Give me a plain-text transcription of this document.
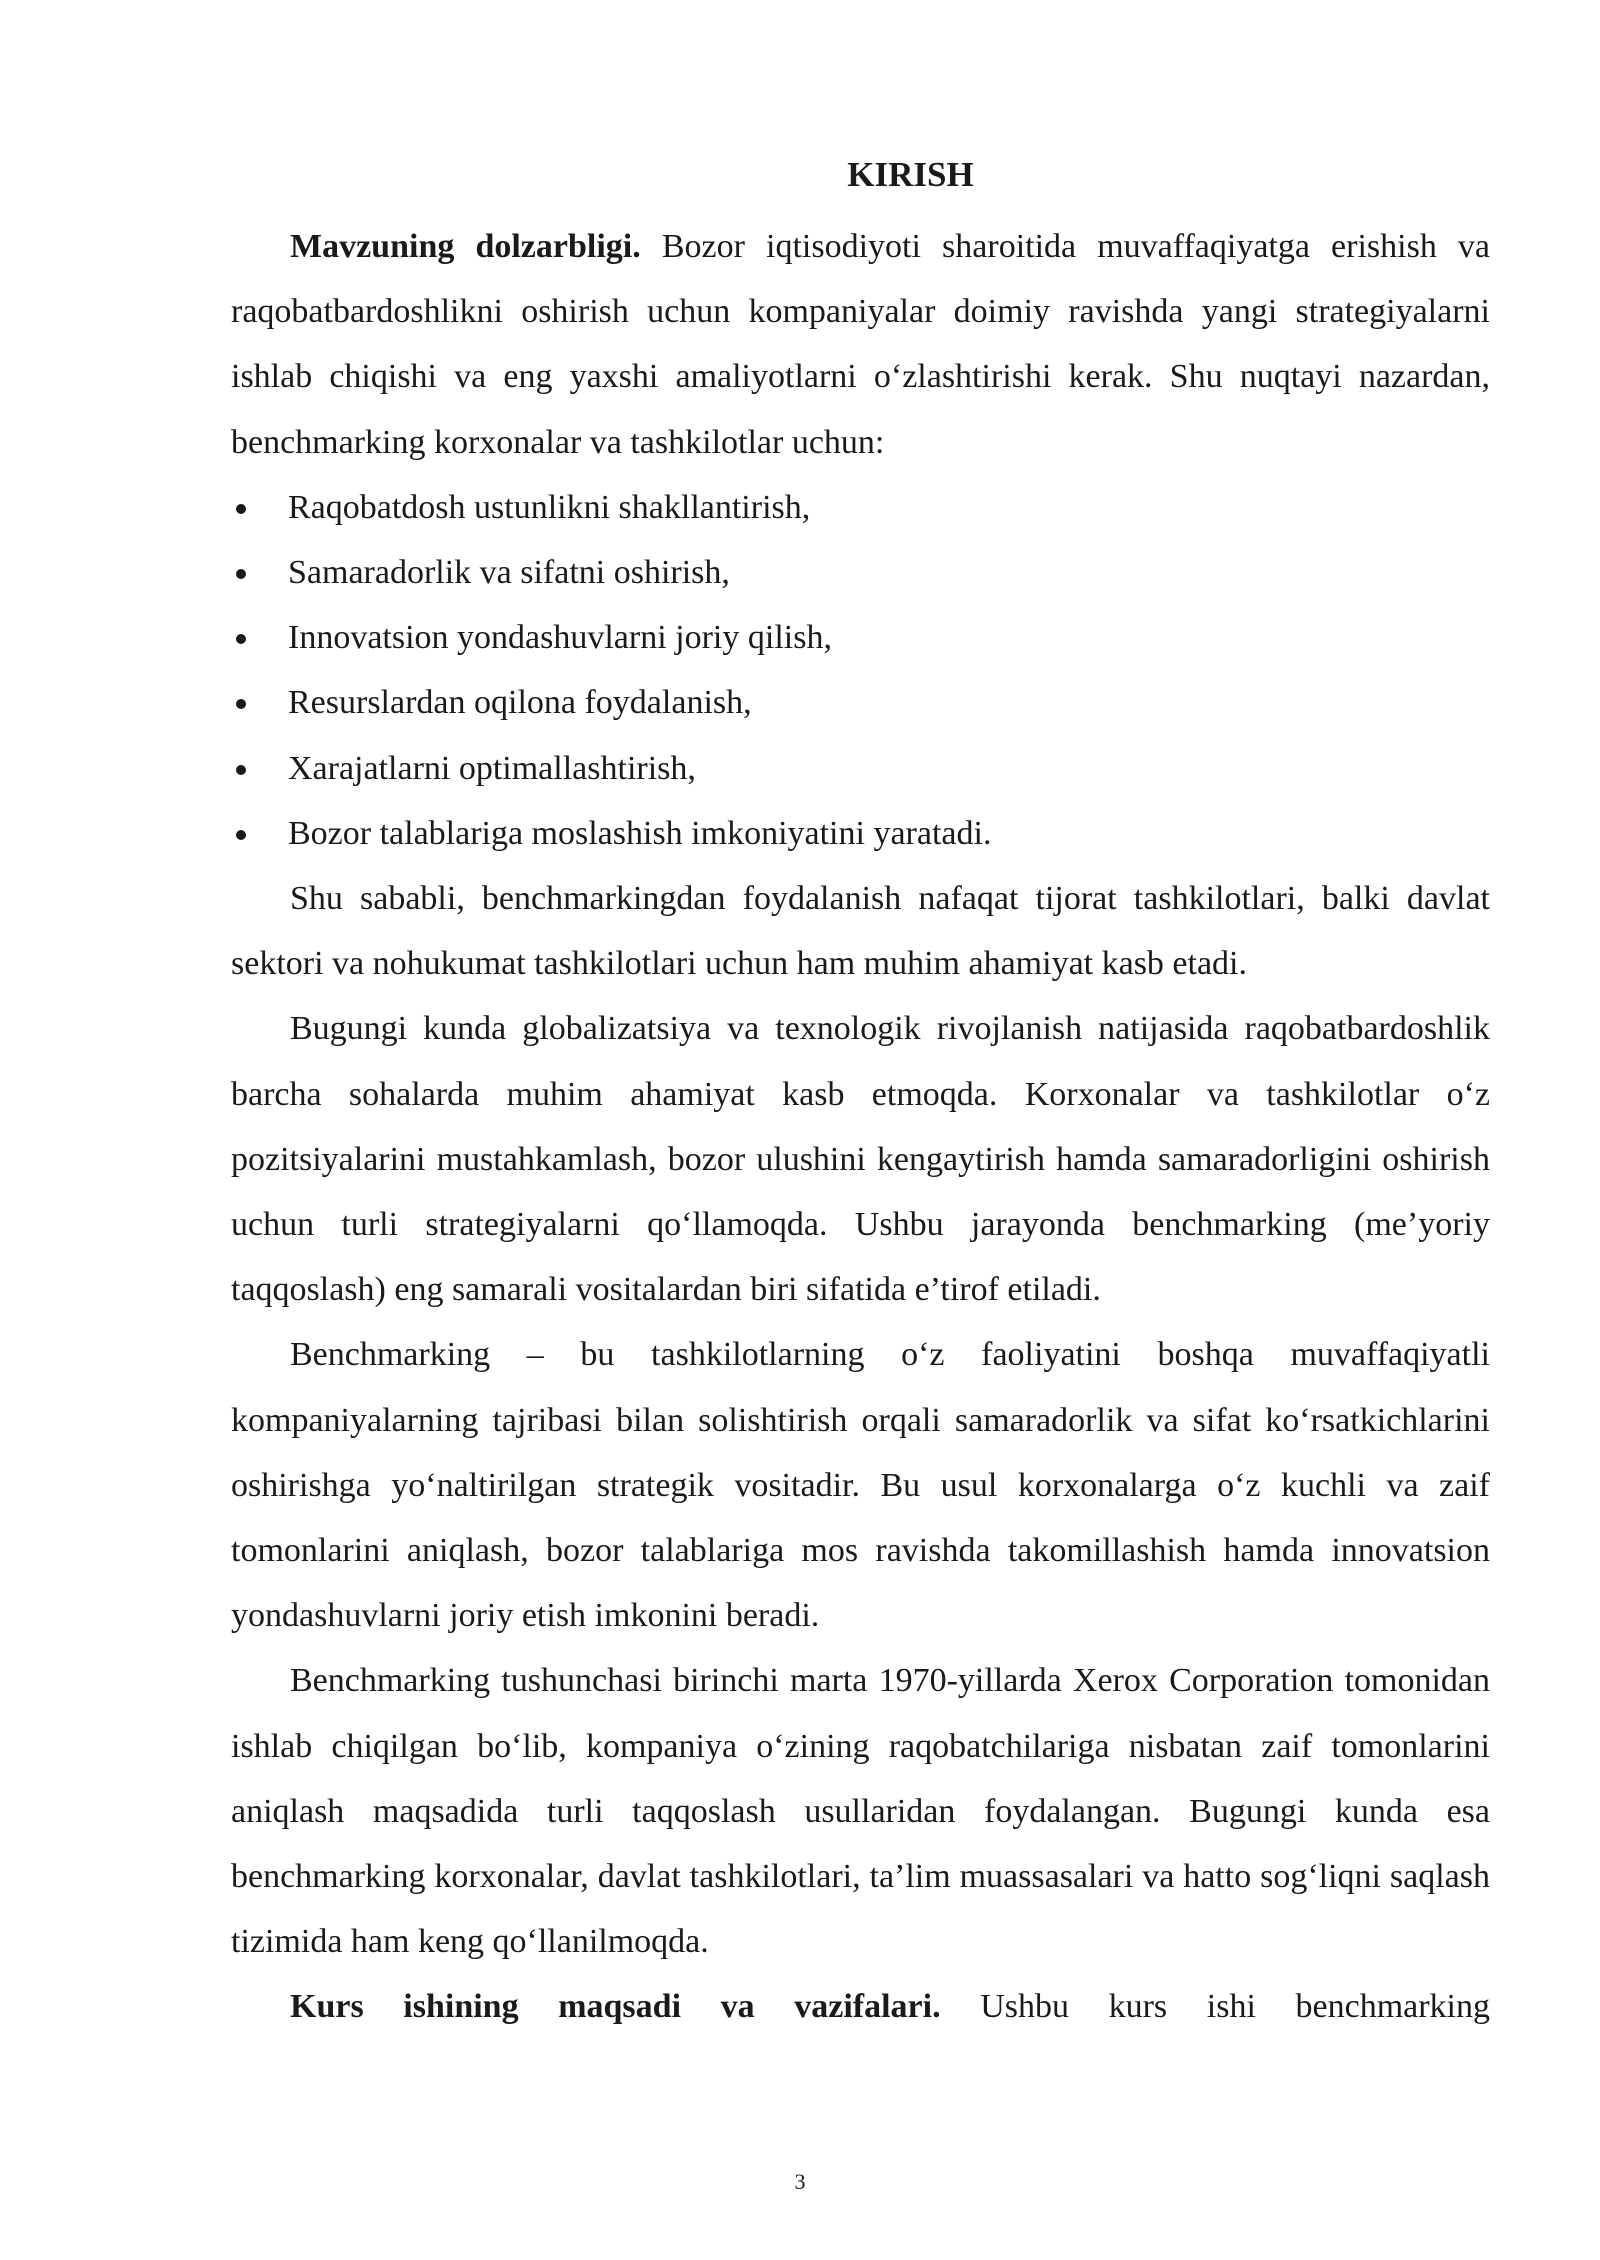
KIRISH

Mavzuning dolzarbligi. Bozor iqtisodiyoti sharoitida muvaffaqiyatga erishish va raqobatbardoshlikni oshirish uchun kompaniyalar doimiy ravishda yangi strategiyalarni ishlab chiqishi va eng yaxshi amaliyotlarni o‘zlashtirishi kerak. Shu nuqtayi nazardan, benchmarking korxonalar va tashkilotlar uchun:

Raqobatdosh ustunlikni shakllantirish,
Samaradorlik va sifatni oshirish,
Innovatsion yondashuvlarni joriy qilish,
Resurslardan oqilona foydalanish,
Xarajatlarni optimallashtirish,
Bozor talablariga moslashish imkoniyatini yaratadi.

Shu sababli, benchmarkingdan foydalanish nafaqat tijorat tashkilotlari, balki davlat sektori va nohukumat tashkilotlari uchun ham muhim ahamiyat kasb etadi.

Bugungi kunda globalizatsiya va texnologik rivojlanish natijasida raqobatbardoshlik barcha sohalarda muhim ahamiyat kasb etmoqda. Korxonalar va tashkilotlar o‘z pozitsiyalarini mustahkamlash, bozor ulushini kengaytirish hamda samaradorligini oshirish uchun turli strategiyalarni qo‘llamoqda. Ushbu jarayonda benchmarking (me’yoriy taqqoslash) eng samarali vositalardan biri sifatida e’tirof etiladi.

Benchmarking – bu tashkilotlarning o‘z faoliyatini boshqa muvaffaqiyatli kompaniyalarning tajribasi bilan solishtirish orqali samaradorlik va sifat ko‘rsatkichlarini oshirishga yo‘naltirilgan strategik vositadir. Bu usul korxonalarga o‘z kuchli va zaif tomonlarini aniqlash, bozor talablariga mos ravishda takomillashish hamda innovatsion yondashuvlarni joriy etish imkonini beradi.

Benchmarking tushunchasi birinchi marta 1970-yillarda Xerox Corporation tomonidan ishlab chiqilgan bo‘lib, kompaniya o‘zining raqobatchilariga nisbatan zaif tomonlarini aniqlash maqsadida turli taqqoslash usullaridan foydalangan. Bugungi kunda esa benchmarking korxonalar, davlat tashkilotlari, ta’lim muassasalari va hatto sog‘liqni saqlash tizimida ham keng qo‘llanilmoqda.

Kurs ishining maqsadi va vazifalari. Ushbu kurs ishi benchmarking

3
